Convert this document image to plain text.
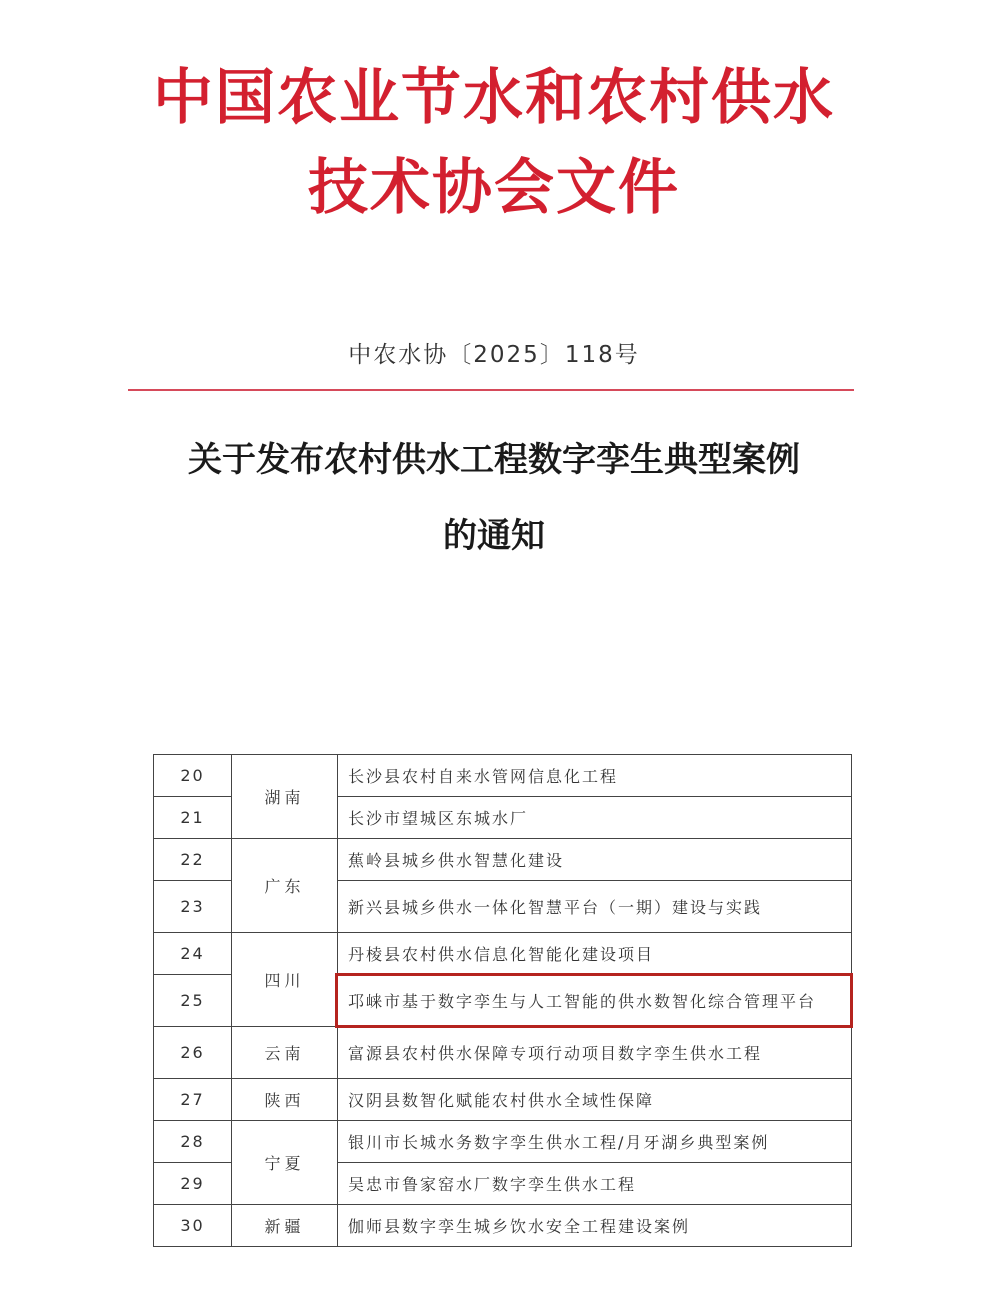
中国农业节水和农村供水
技术协会文件
中农水协〔2025〕118号
关于发布农村供水工程数字孪生典型案例
的通知
20	湖南	长沙县农村自来水管网信息化工程
21		长沙市望城区东城水厂
22	广东	蕉岭县城乡供水智慧化建设
23		新兴县城乡供水一体化智慧平台（一期）建设与实践
24	四川	丹棱县农村供水信息化智能化建设项目
25		邛崃市基于数字孪生与人工智能的供水数智化综合管理平台
26	云南	富源县农村供水保障专项行动项目数字孪生供水工程
27	陕西	汉阴县数智化赋能农村供水全域性保障
28	宁夏	银川市长城水务数字孪生供水工程/月牙湖乡典型案例
29		吴忠市鲁家窑水厂数字孪生供水工程
30	新疆	伽师县数字孪生城乡饮水安全工程建设案例
